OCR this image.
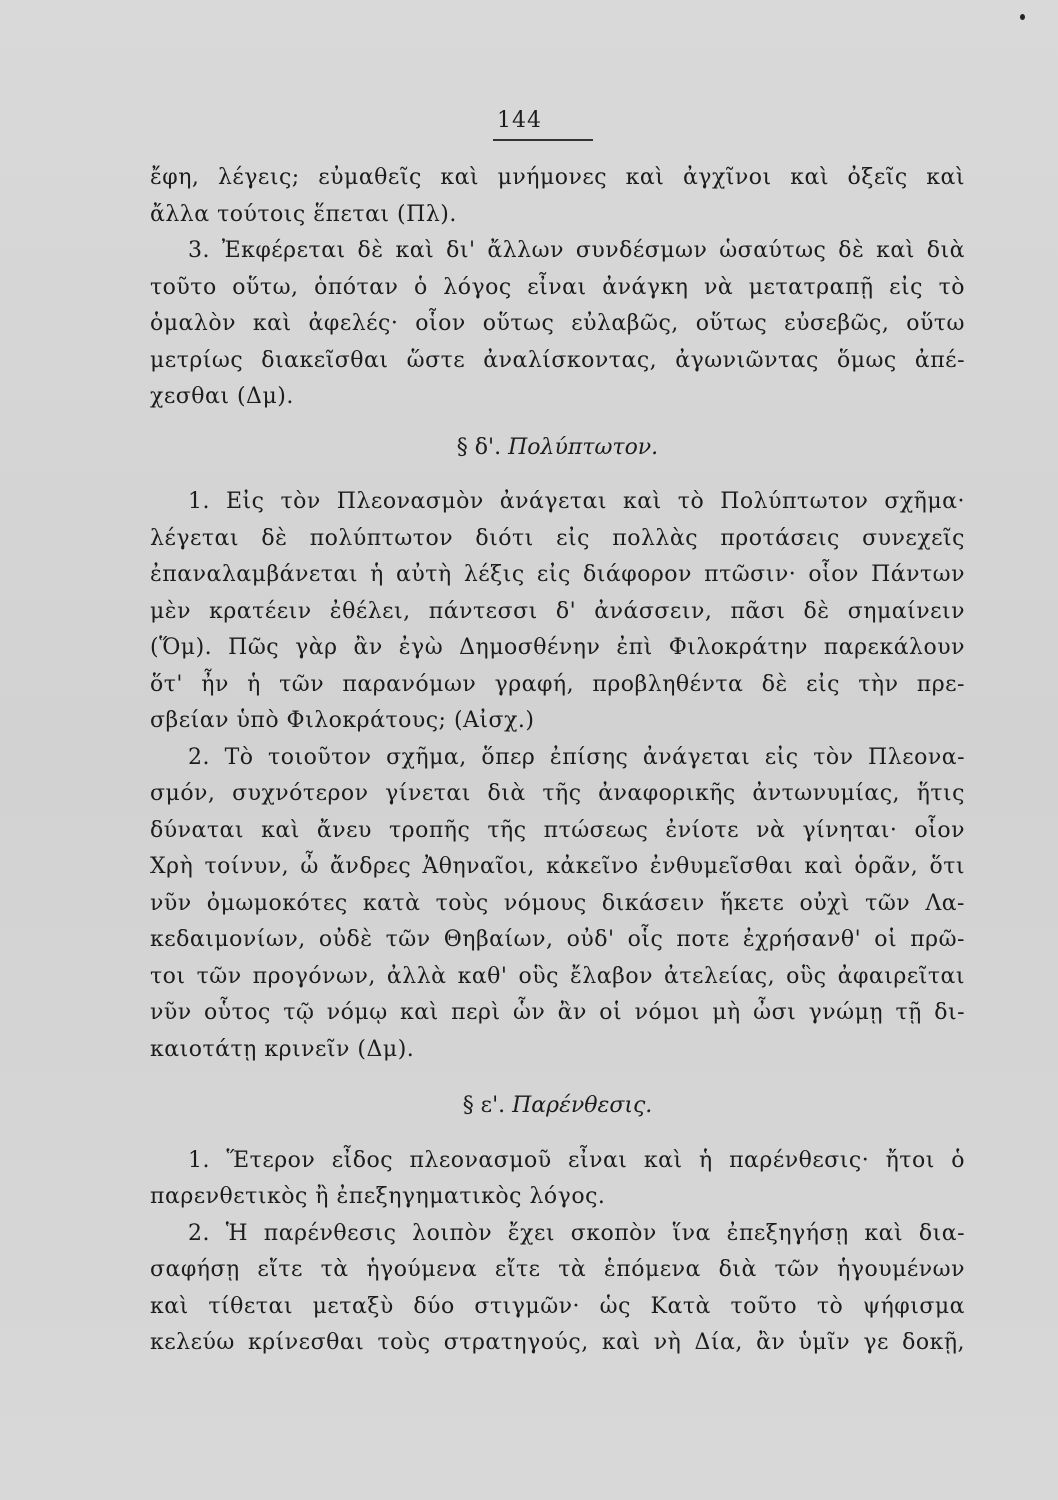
144
ἔφη, λέγεις; εὐμαθεῖς καὶ μνήμονες καὶ ἀγχῖνοι καὶ ὀξεῖς καὶ
ἄλλα τούτοις ἕπεται (Πλ).
3. Ἐκφέρεται δὲ καὶ δι' ἄλλων συνδέσμων ὡσαύτως δὲ καὶ διὰ
τοῦτο οὕτω, ὁπόταν ὁ λόγος εἶναι ἀνάγκη νὰ μετατραπῇ εἰς τὸ
ὁμαλὸν καὶ ἀφελές· οἷον οὕτως εὐλαβῶς, οὕτως εὐσεβῶς, οὕτω
μετρίως διακεῖσθαι ὥστε ἀναλίσκοντας, ἀγωνιῶντας ὅμως ἀπέ-
χεσθαι (Δμ).
§ δ'. Πολύπτωτον.
1. Εἰς τὸν Πλεονασμὸν ἀνάγεται καὶ τὸ Πολύπτωτον σχῆμα·
λέγεται δὲ πολύπτωτον διότι εἰς πολλὰς προτάσεις συνεχεῖς
ἐπαναλαμβάνεται ἡ αὐτὴ λέξις εἰς διάφορον πτῶσιν· οἷον Πάντων
μὲν κρατέειν ἐθέλει, πάντεσσι δ' ἀνάσσειν, πᾶσι δὲ σημαίνειν
(Ὅμ). Πῶς γὰρ ἂν ἐγὼ Δημοσθένην ἐπὶ Φιλοκράτην παρεκάλουν
ὅτ' ἦν ἡ τῶν παρανόμων γραφή, προβληθέντα δὲ εἰς τὴν πρε-
σβείαν ὑπὸ Φιλοκράτους; (Αἰσχ.)
2. Τὸ τοιοῦτον σχῆμα, ὅπερ ἐπίσης ἀνάγεται εἰς τὸν Πλεονα-
σμόν, συχνότερον γίνεται διὰ τῆς ἀναφορικῆς ἀντωνυμίας, ἥτις
δύναται καὶ ἄνευ τροπῆς τῆς πτώσεως ἐνίοτε νὰ γίνηται· οἷον
Χρὴ τοίνυν, ὦ ἄνδρες Ἀθηναῖοι, κἀκεῖνο ἐνθυμεῖσθαι καὶ ὁρᾶν, ὅτι
νῦν ὀμωμοκότες κατὰ τοὺς νόμους δικάσειν ἥκετε οὐχὶ τῶν Λα-
κεδαιμονίων, οὐδὲ τῶν Θηβαίων, οὐδ' οἷς ποτε ἐχρήσανθ' οἱ πρῶ-
τοι τῶν προγόνων, ἀλλὰ καθ' οὓς ἔλαβον ἀτελείας, οὓς ἀφαιρεῖται
νῦν οὗτος τῷ νόμῳ καὶ περὶ ὧν ἂν οἱ νόμοι μὴ ὦσι γνώμῃ τῇ δι-
καιοτάτῃ κρινεῖν (Δμ).
§ ε'. Παρένθεσις.
1. Ἕτερον εἶδος πλεονασμοῦ εἶναι καὶ ἡ παρένθεσις· ἤτοι ὁ
παρενθετικὸς ἢ ἐπεξηγηματικὸς λόγος.
2. Ἡ παρένθεσις λοιπὸν ἔχει σκοπὸν ἵνα ἐπεξηγήσῃ καὶ δια-
σαφήσῃ εἴτε τὰ ἡγούμενα εἴτε τὰ ἑπόμενα διὰ τῶν ἡγουμένων
καὶ τίθεται μεταξὺ δύο στιγμῶν· ὡς Κατὰ τοῦτο τὸ ψήφισμα
κελεύω κρίνεσθαι τοὺς στρατηγούς, καὶ νὴ Δία, ἂν ὑμῖν γε δοκῇ,
